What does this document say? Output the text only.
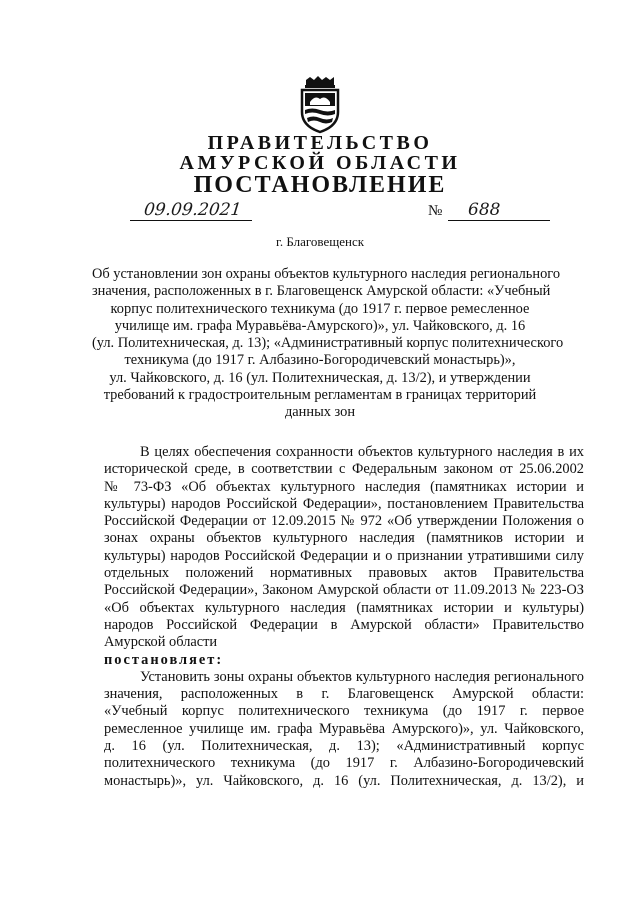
ПРАВИТЕЛЬСТВО
АМУРСКОЙ ОБЛАСТИ
ПОСТАНОВЛЕНИЕ
09.09.2021	№ 688
г. Благовещенск
Об установлении зон охраны объектов культурного наследия регионального
значения, расположенных в г. Благовещенск Амурской области: «Учебный
корпус политехнического техникума (до 1917 г. первое ремесленное
училище им. графа Муравьёва-Амурского)», ул. Чайковского, д. 16
(ул. Политехническая, д. 13); «Административный корпус политехнического
техникума (до 1917 г. Албазино-Богородичевский монастырь)»,
ул. Чайковского, д. 16 (ул. Политехническая, д. 13/2), и утверждении
требований к градостроительным регламентам в границах территорий
данных зон
В целях обеспечения сохранности объектов культурного наследия в их
исторической среде, в соответствии с Федеральным законом от 25.06.2002
№ 73-ФЗ «Об объектах культурного наследия (памятниках истории и
культуры) народов Российской Федерации», постановлением Правительства
Российской Федерации от 12.09.2015 № 972 «Об утверждении Положения о
зонах охраны объектов культурного наследия (памятников истории и
культуры) народов Российской Федерации и о признании утратившими силу
отдельных положений нормативных правовых актов Правительства
Российской Федерации», Законом Амурской области от 11.09.2013 № 223-ОЗ
«Об объектах культурного наследия (памятниках истории и культуры)
народов Российской Федерации в Амурской области» Правительство
Амурской области
постановляет:
Установить зоны охраны объектов культурного наследия регионального
значения, расположенных в г. Благовещенск Амурской области:
«Учебный корпус политехнического техникума (до 1917 г. первое
ремесленное училище им. графа Муравьёва Амурского)», ул. Чайковского,
д. 16 (ул. Политехническая, д. 13); «Административный корпус
политехнического техникума (до 1917 г. Албазино-Богородичевский
монастырь)», ул. Чайковского, д. 16 (ул. Политехническая, д. 13/2), и
